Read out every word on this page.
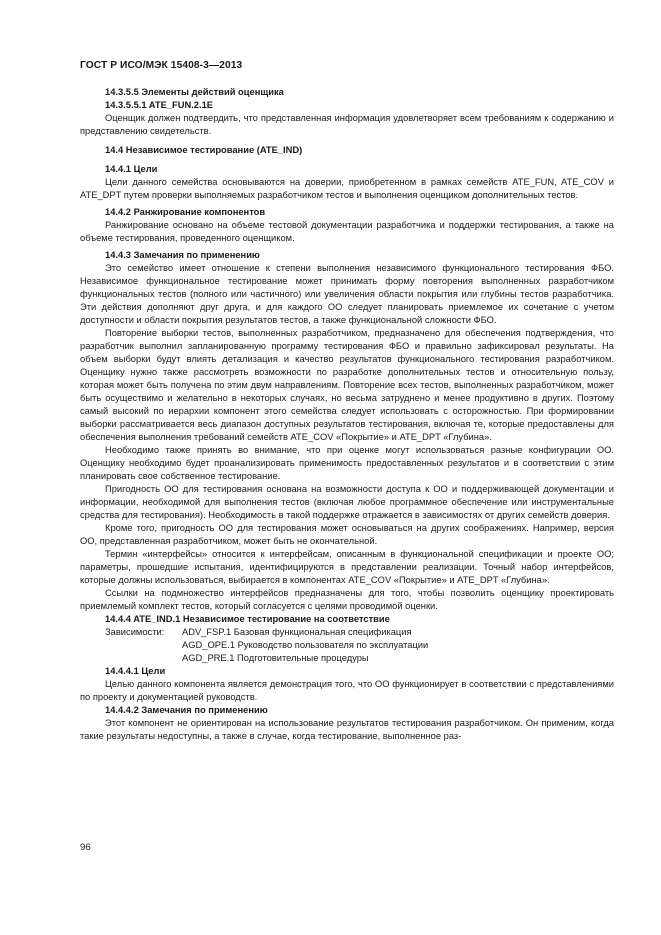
ГОСТ Р ИСО/МЭК 15408-3—2013
14.3.5.5 Элементы действий оценщика
14.3.5.5.1 ATE_FUN.2.1E
Оценщик должен подтвердить, что представленная информация удовлетворяет всем требованиям к содержанию и представлению свидетельств.
14.4 Независимое тестирование (ATE_IND)
14.4.1 Цели
Цели данного семейства основываются на доверии, приобретенном в рамках семейств ATE_FUN, ATE_COV и ATE_DPT путем проверки выполняемых разработчиком тестов и выполнения оценщиком дополнительных тестов.
14.4.2 Ранжирование компонентов
Ранжирование основано на объеме тестовой документации разработчика и поддержки тестирования, а также на объеме тестирования, проведенного оценщиком.
14.4.3 Замечания по применению
Это семейство имеет отношение к степени выполнения независимого функционального тестирования ФБО. Независимое функциональное тестирование может принимать форму повторения выполненных разработчиком функциональных тестов (полного или частичного) или увеличения области покрытия или глубины тестов разработчика. Эти действия дополняют друг друга, и для каждого ОО следует планировать приемлемое их сочетание с учетом доступности и области покрытия результатов тестов, а также функциональной сложности ФБО.
Повторение выборки тестов, выполненных разработчиком, предназначено для обеспечения подтверждения, что разработчик выполнил запланированную программу тестирования ФБО и правильно зафиксировал результаты. На объем выборки будут влиять детализация и качество результатов функционального тестирования разработчиком. Оценщику нужно также рассмотреть возможности по разработке дополнительных тестов и относительную пользу, которая может быть получена по этим двум направлениям. Повторение всех тестов, выполненных разработчиком, может быть осуществимо и желательно в некоторых случаях, но весьма затруднено и менее продуктивно в других. Поэтому самый высокий по иерархии компонент этого семейства следует использовать с осторожностью. При формировании выборки рассматривается весь диапазон доступных результатов тестирования, включая те, которые предоставлены для обеспечения выполнения требований семейств ATE_COV «Покрытие» и ATE_DPT «Глубина».
Необходимо также принять во внимание, что при оценке могут использоваться разные конфигурации ОО. Оценщику необходимо будет проанализировать применимость предоставленных результатов и в соответствии с этим планировать свое собственное тестирование.
Пригодность ОО для тестирования основана на возможности доступа к ОО и поддерживающей документации и информации, необходимой для выполнения тестов (включая любое программное обеспечение или инструментальные средства для тестирования). Необходимость в такой поддержке отражается в зависимостях от других семейств доверия.
Кроме того, пригодность ОО для тестирования может основываться на других соображениях. Например, версия ОО, представленная разработчиком, может быть не окончательной.
Термин «интерфейсы» относится к интерфейсам, описанным в функциональной спецификации и проекте ОО; параметры, прошедшие испытания, идентифицируются в представлении реализации. Точный набор интерфейсов, которые должны использоваться, выбирается в компонентах ATE_COV «Покрытие» и ATE_DPT «Глубина».
Ссылки на подмножество интерфейсов предназначены для того, чтобы позволить оценщику проектировать приемлемый комплект тестов, который согласуется с целями проводимой оценки.
14.4.4 ATE_IND.1 Независимое тестирование на соответствие
Зависимости: ADV_FSP.1 Базовая функциональная спецификация
AGD_OPE.1 Руководство пользователя по эксплуатации
AGD_PRE.1 Подготовительные процедуры
14.4.4.1 Цели
Целью данного компонента является демонстрация того, что ОО функционирует в соответствии с представлениями по проекту и документацией руководств.
14.4.4.2 Замечания по применению
Этот компонент не ориентирован на использование результатов тестирования разработчиком. Он применим, когда такие результаты недоступны, а также в случае, когда тестирование, выполненное раз-
96
